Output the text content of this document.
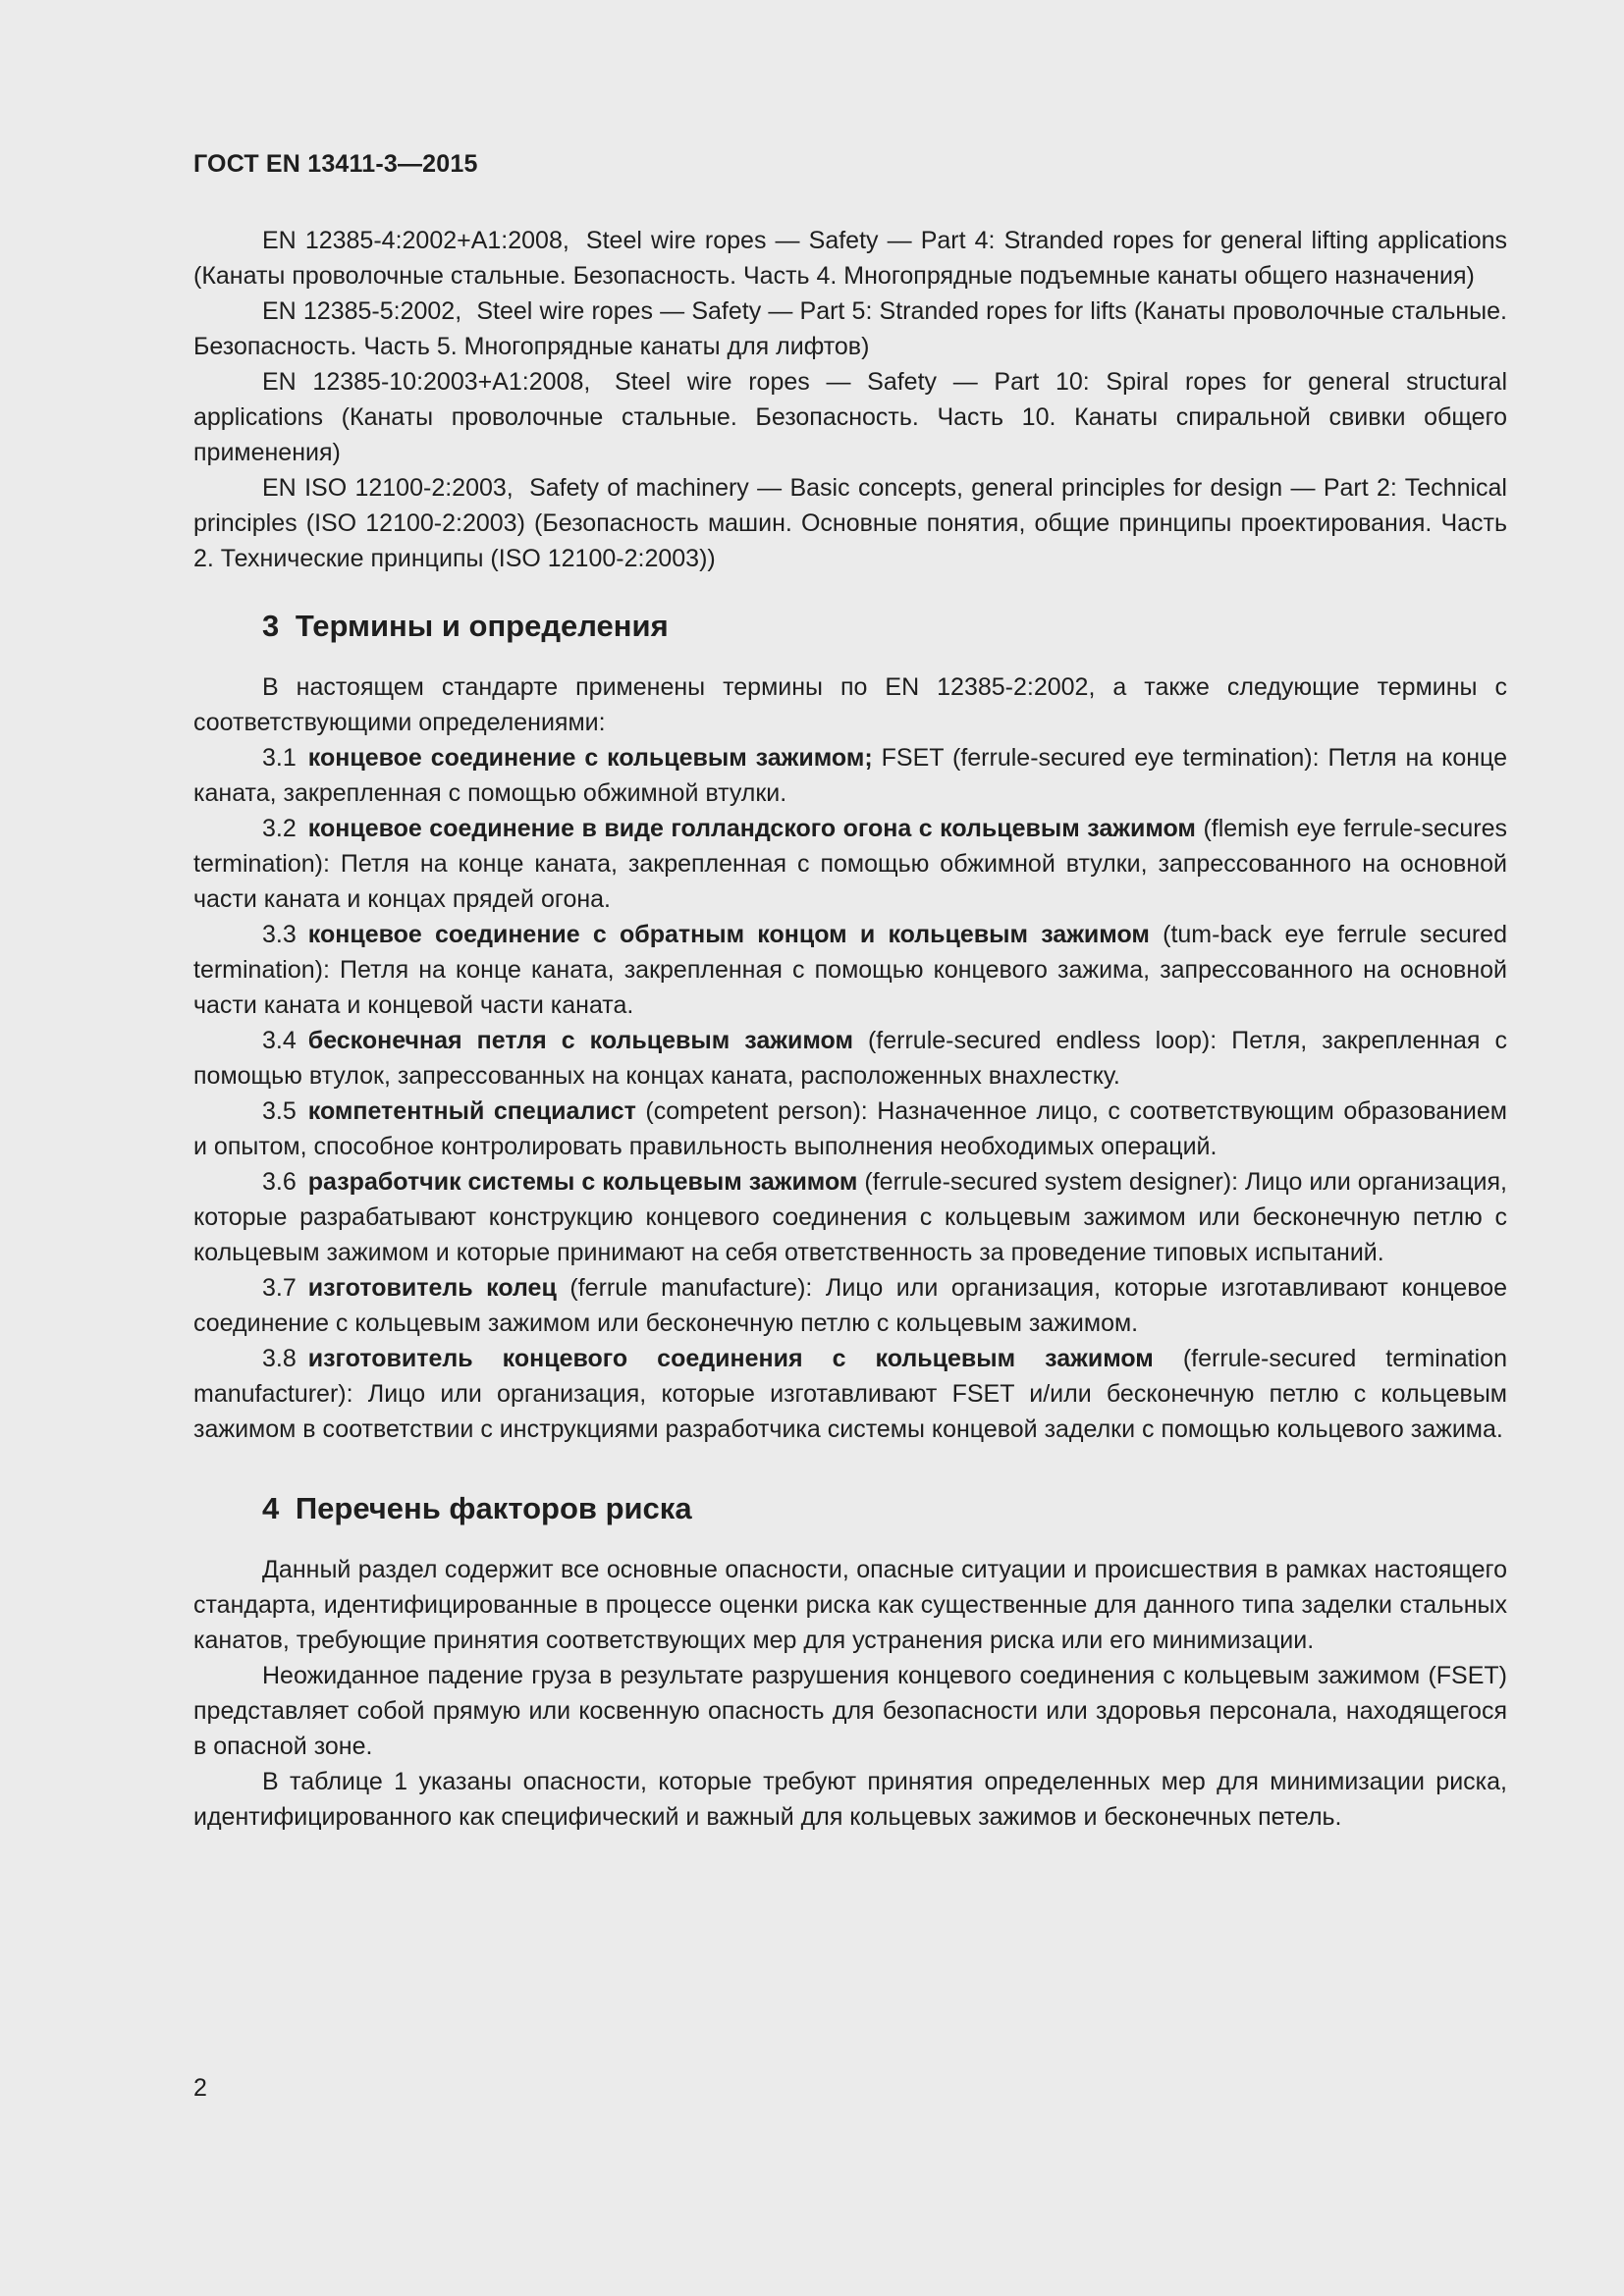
ГОСТ EN 13411-3—2015

EN 12385-4:2002+A1:2008, Steel wire ropes — Safety — Part 4: Stranded ropes for general lifting applications (Канаты проволочные стальные. Безопасность. Часть 4. Многопрядные подъемные канаты общего назначения)

EN 12385-5:2002, Steel wire ropes — Safety — Part 5: Stranded ropes for lifts (Канаты проволочные стальные. Безопасность. Часть 5. Многопрядные канаты для лифтов)

EN 12385-10:2003+A1:2008, Steel wire ropes — Safety — Part 10: Spiral ropes for general structural applications (Канаты проволочные стальные. Безопасность. Часть 10. Канаты спиральной свивки общего применения)

EN ISO 12100-2:2003, Safety of machinery — Basic concepts, general principles for design — Part 2: Technical principles (ISO 12100-2:2003) (Безопасность машин. Основные понятия, общие принципы проектирования. Часть 2. Технические принципы (ISO 12100-2:2003))

3 Термины и определения

В настоящем стандарте применены термины по EN 12385-2:2002, а также следующие термины с соответствующими определениями:

3.1 концевое соединение с кольцевым зажимом; FSET (ferrule-secured eye termination): Петля на конце каната, закрепленная с помощью обжимной втулки.

3.2 концевое соединение в виде голландского огона с кольцевым зажимом (flemish eye ferrule-secures termination): Петля на конце каната, закрепленная с помощью обжимной втулки, запрессованного на основной части каната и концах прядей огона.

3.3 концевое соединение с обратным концом и кольцевым зажимом (tum-back eye ferrule secured termination): Петля на конце каната, закрепленная с помощью концевого зажима, запрессованного на основной части каната и концевой части каната.

3.4 бесконечная петля с кольцевым зажимом (ferrule-secured endless loop): Петля, закрепленная с помощью втулок, запрессованных на концах каната, расположенных внахлестку.

3.5 компетентный специалист (competent person): Назначенное лицо, с соответствующим образованием и опытом, способное контролировать правильность выполнения необходимых операций.

3.6 разработчик системы с кольцевым зажимом (ferrule-secured system designer): Лицо или организация, которые разрабатывают конструкцию концевого соединения с кольцевым зажимом или бесконечную петлю с кольцевым зажимом и которые принимают на себя ответственность за проведение типовых испытаний.

3.7 изготовитель колец (ferrule manufacture): Лицо или организация, которые изготавливают концевое соединение с кольцевым зажимом или бесконечную петлю с кольцевым зажимом.

3.8 изготовитель концевого соединения с кольцевым зажимом (ferrule-secured termination manufacturer): Лицо или организация, которые изготавливают FSET и/или бесконечную петлю с кольцевым зажимом в соответствии с инструкциями разработчика системы концевой заделки с помощью кольцевого зажима.

4 Перечень факторов риска

Данный раздел содержит все основные опасности, опасные ситуации и происшествия в рамках настоящего стандарта, идентифицированные в процессе оценки риска как существенные для данного типа заделки стальных канатов, требующие принятия соответствующих мер для устранения риска или его минимизации.

Неожиданное падение груза в результате разрушения концевого соединения с кольцевым зажимом (FSET) представляет собой прямую или косвенную опасность для безопасности или здоровья персонала, находящегося в опасной зоне.

В таблице 1 указаны опасности, которые требуют принятия определенных мер для минимизации риска, идентифицированного как специфический и важный для кольцевых зажимов и бесконечных петель.

2
